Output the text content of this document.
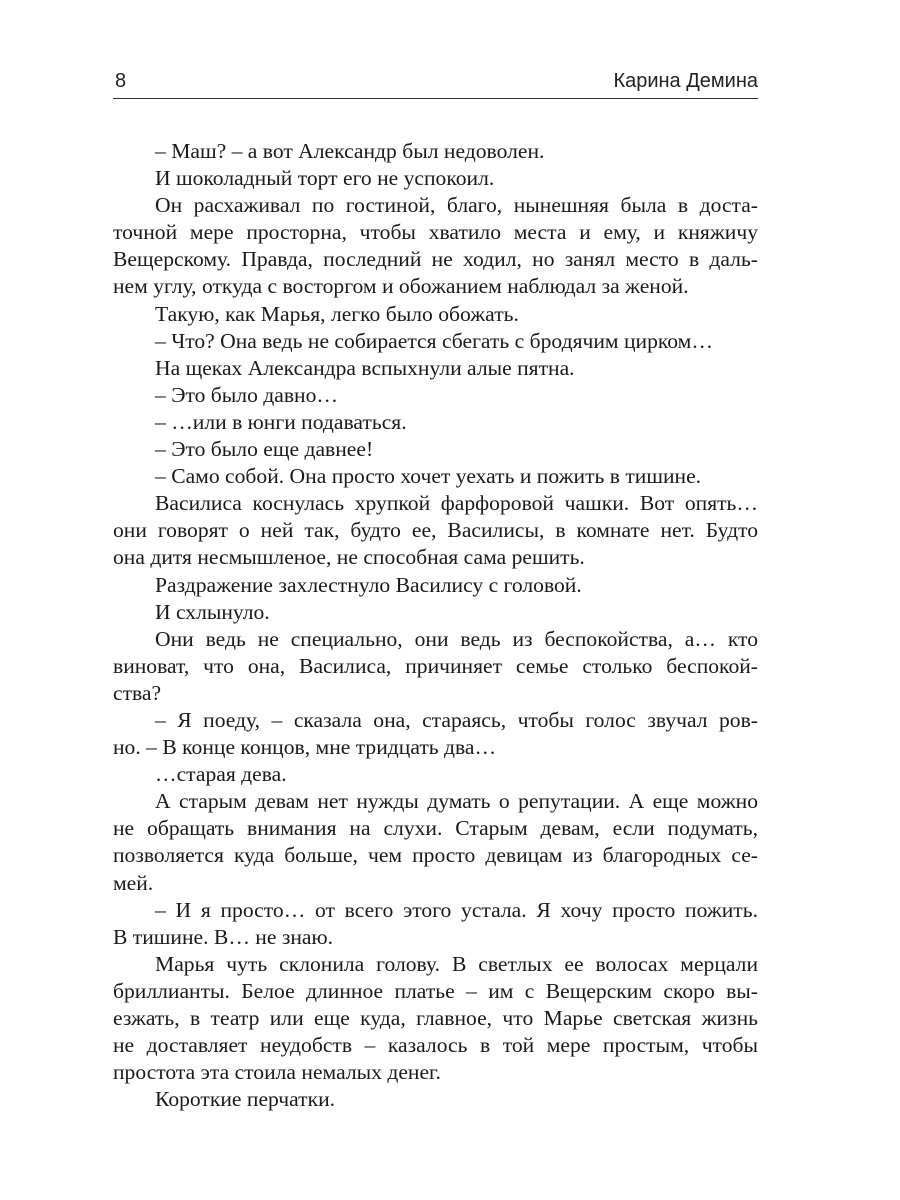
8	Карина Демина
– Маш? – а вот Александр был недоволен.
И шоколадный торт его не успокоил.
Он расхаживал по гостиной, благо, нынешняя была в доста-
точной мере просторна, чтобы хватило места и ему, и княжичу
Вещерскому. Правда, последний не ходил, но занял место в даль-
нем углу, откуда с восторгом и обожанием наблюдал за женой.
Такую, как Марья, легко было обожать.
– Что? Она ведь не собирается сбегать с бродячим цирком…
На щеках Александра вспыхнули алые пятна.
– Это было давно…
– …или в юнги подаваться.
– Это было еще давнее!
– Само собой. Она просто хочет уехать и пожить в тишине.
Василиса коснулась хрупкой фарфоровой чашки. Вот опять…
они говорят о ней так, будто ее, Василисы, в комнате нет. Будто
она дитя несмышленое, не способная сама решить.
Раздражение захлестнуло Василису с головой.
И схлынуло.
Они ведь не специально, они ведь из беспокойства, а… кто
виноват, что она, Василиса, причиняет семье столько беспокой-
ства?
– Я поеду, – сказала она, стараясь, чтобы голос звучал ров-
но. – В конце концов, мне тридцать два…
…старая дева.
А старым девам нет нужды думать о репутации. А еще можно
не обращать внимания на слухи. Старым девам, если подумать,
позволяется куда больше, чем просто девицам из благородных се-
мей.
– И я просто… от всего этого устала. Я хочу просто пожить.
В тишине. В… не знаю.
Марья чуть склонила голову. В светлых ее волосах мерцали
бриллианты. Белое длинное платье – им с Вещерским скоро вы-
езжать, в театр или еще куда, главное, что Марье светская жизнь
не доставляет неудобств – казалось в той мере простым, чтобы
простота эта стоила немалых денег.
Короткие перчатки.
